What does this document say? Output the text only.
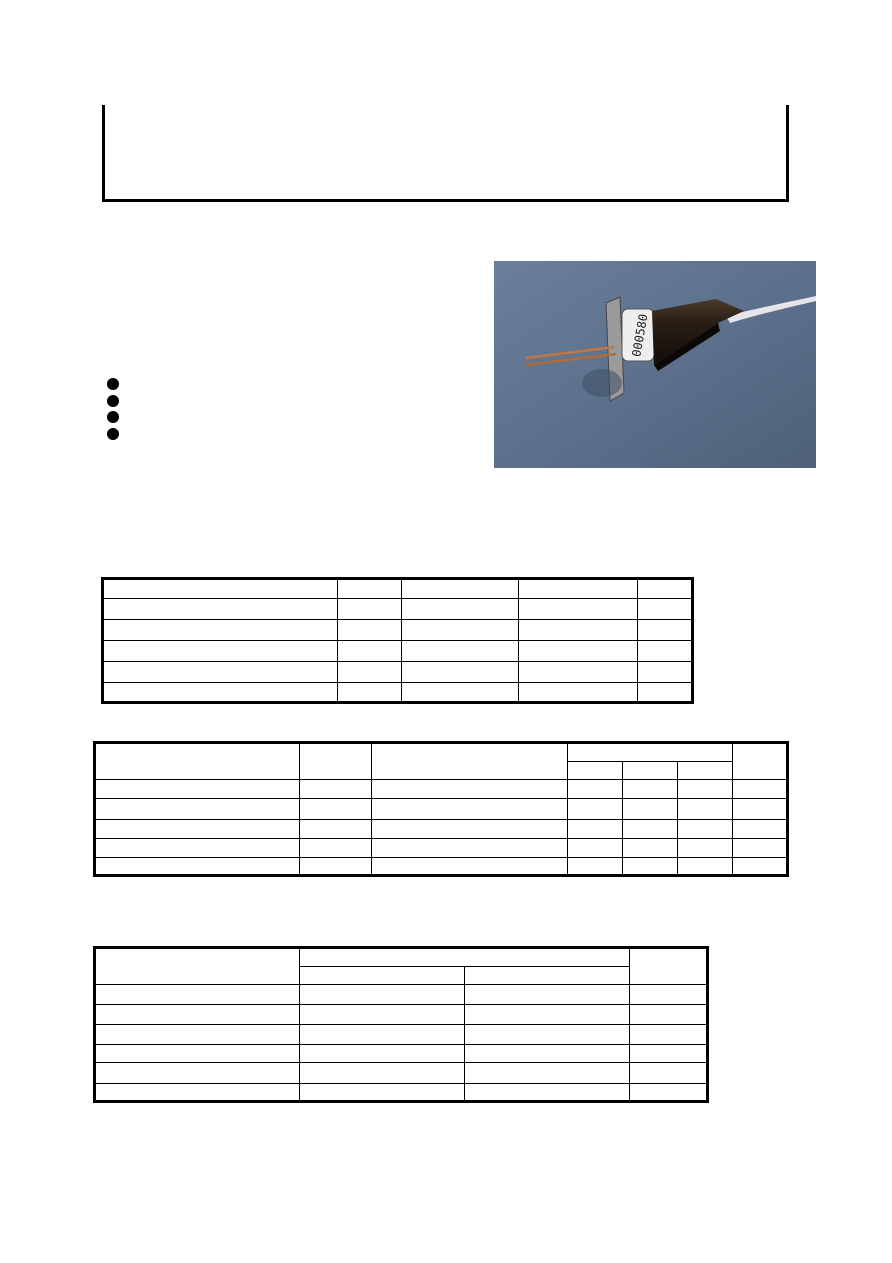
000580
